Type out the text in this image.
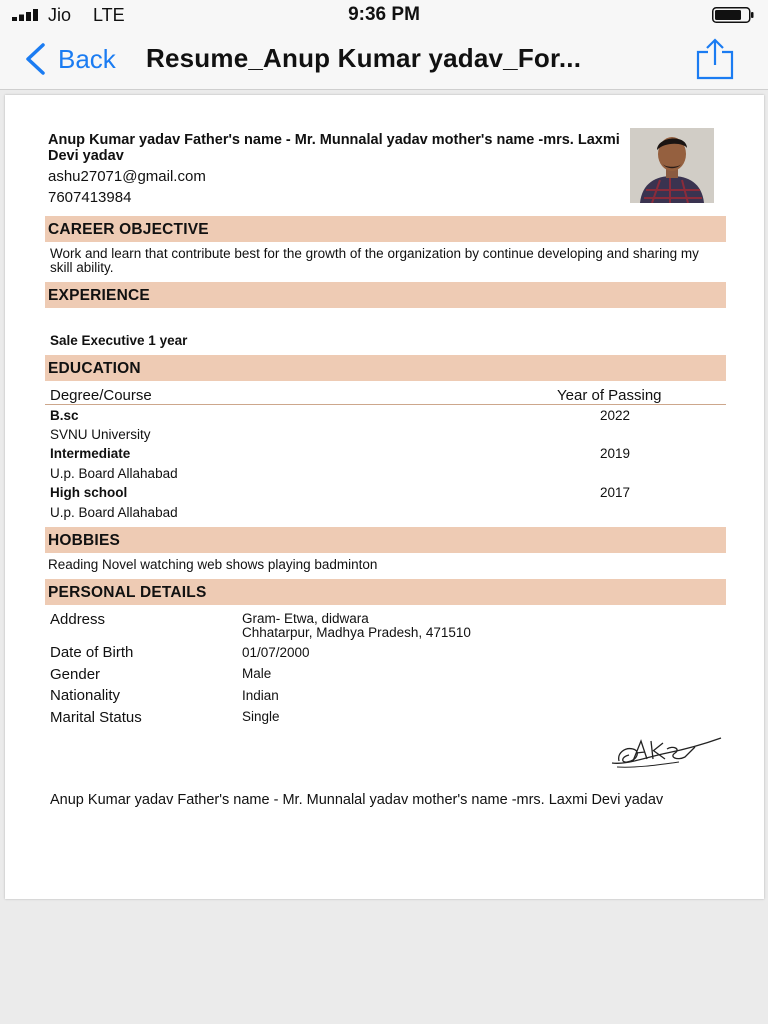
Jio LTE	9:36 PM
Back Resume_Anup Kumar yadav_For...
Anup Kumar yadav Father's name - Mr. Munnalal yadav mother's name -mrs. Laxmi Devi yadav
ashu27071@gmail.com
7607413984
CAREER OBJECTIVE
Work and learn that contribute best for the growth of the organization by continue developing and sharing my skill ability.
EXPERIENCE
Sale Executive 1 year
EDUCATION
Degree/Course	Year of Passing
B.sc	2022
SVNU University
Intermediate	2019
U.p. Board Allahabad
High school	2017
U.p. Board Allahabad
HOBBIES
Reading Novel watching web shows playing badminton
PERSONAL DETAILS
Address	Gram- Etwa, didwara
Chhatarpur, Madhya Pradesh, 471510
Date of Birth	01/07/2000
Gender	Male
Nationality	Indian
Marital Status	Single
Anup Kumar yadav Father's name - Mr. Munnalal yadav mother's name -mrs. Laxmi Devi yadav
